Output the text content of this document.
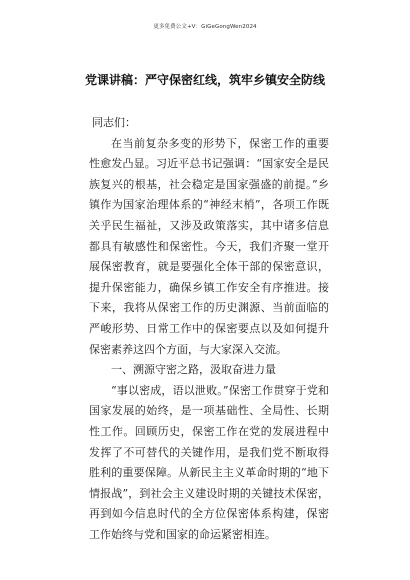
更多免费公文+V：GiGeGongWen2024
党课讲稿：严守保密红线，筑牢乡镇安全防线

同志们：

在当前复杂多变的形势下，保密工作的重要性愈发凸显。习近平总书记强调：“国家安全是民族复兴的根基，社会稳定是国家强盛的前提。”乡镇作为国家治理体系的“神经末梢”，各项工作既关乎民生福祉，又涉及政策落实，其中诸多信息都具有敏感性和保密性。今天，我们齐聚一堂开展保密教育，就是要强化全体干部的保密意识，提升保密能力，确保乡镇工作安全有序推进。接下来，我将从保密工作的历史渊源、当前面临的严峻形势、日常工作中的保密要点以及如何提升保密素养这四个方面，与大家深入交流。

一、溯源守密之路，汲取奋进力量

“事以密成，语以泄败。”保密工作贯穿于党和国家发展的始终，是一项基础性、全局性、长期性工作。回顾历史，保密工作在党的发展进程中发挥了不可替代的关键作用，是我们党不断取得胜利的重要保障。从新民主主义革命时期的“地下情报战”，到社会主义建设时期的关键技术保密，再到如今信息时代的全方位保密体系构建，保密工作始终与党和国家的命运紧密相连。
